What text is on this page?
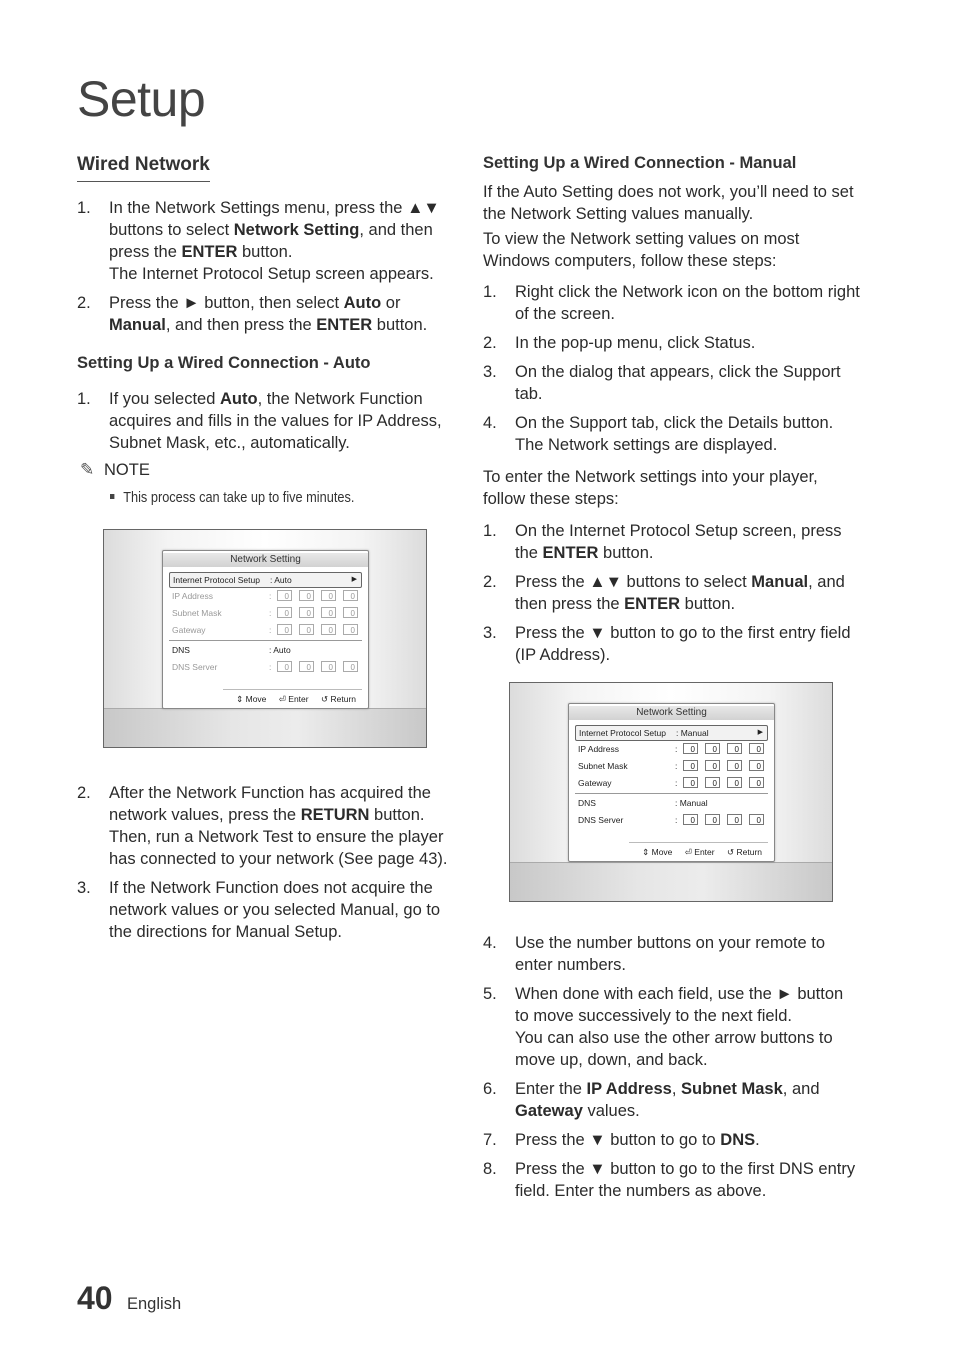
Setup
Wired Network
1. In the Network Settings menu, press the ▲▼ buttons to select Network Setting, and then press the ENTER button.
The Internet Protocol Setup screen appears.
2. Press the ► button, then select Auto or Manual, and then press the ENTER button.
Setting Up a Wired Connection - Auto
1. If you selected Auto, the Network Function acquires and fills in the values for IP Address, Subnet Mask, etc., automatically.
✎ NOTE
This process can take up to five minutes.
Network Setting
Internet Protocol Setup : Auto	▶
IP Address	:	0	0	0	0
Subnet Mask	:	0	0	0	0
Gateway	:	0	0	0	0
DNS	: Auto
DNS Server	:	0	0	0	0
⇕ Move ⏎ Enter ↺ Return
2. After the Network Function has acquired the network values, press the RETURN button. Then, run a Network Test to ensure the player has connected to your network (See page 43).
3. If the Network Function does not acquire the network values or you selected Manual, go to the directions for Manual Setup.
Setting Up a Wired Connection - Manual

If the Auto Setting does not work, you’ll need to set the Network Setting values manually.

To view the Network setting values on most Windows computers, follow these steps:

1. Right click the Network icon on the bottom right of the screen.
2. In the pop-up menu, click Status.
3. On the dialog that appears, click the Support tab.
4. On the Support tab, click the Details button. The Network settings are displayed.

To enter the Network settings into your player, follow these steps:

1. On the Internet Protocol Setup screen, press the ENTER button.
2. Press the ▲▼ buttons to select Manual, and then press the ENTER button.
3. Press the ▼ button to go to the first entry field (IP Address).
Network Setting
Internet Protocol Setup : Manual	▶
IP Address	:	0	0	0	0
Subnet Mask	:	0	0	0	0
Gateway	:	0	0	0	0
DNS	: Manual
DNS Server	:	0	0	0	0
⇕ Move ⏎ Enter ↺ Return
4. Use the number buttons on your remote to enter numbers.
5. When done with each field, use the ► button to move successively to the next field.
You can also use the other arrow buttons to move up, down, and back.
6. Enter the IP Address, Subnet Mask, and Gateway values.
7. Press the ▼ button to go to DNS.
8. Press the ▼ button to go to the first DNS entry field. Enter the numbers as above.
40 English
